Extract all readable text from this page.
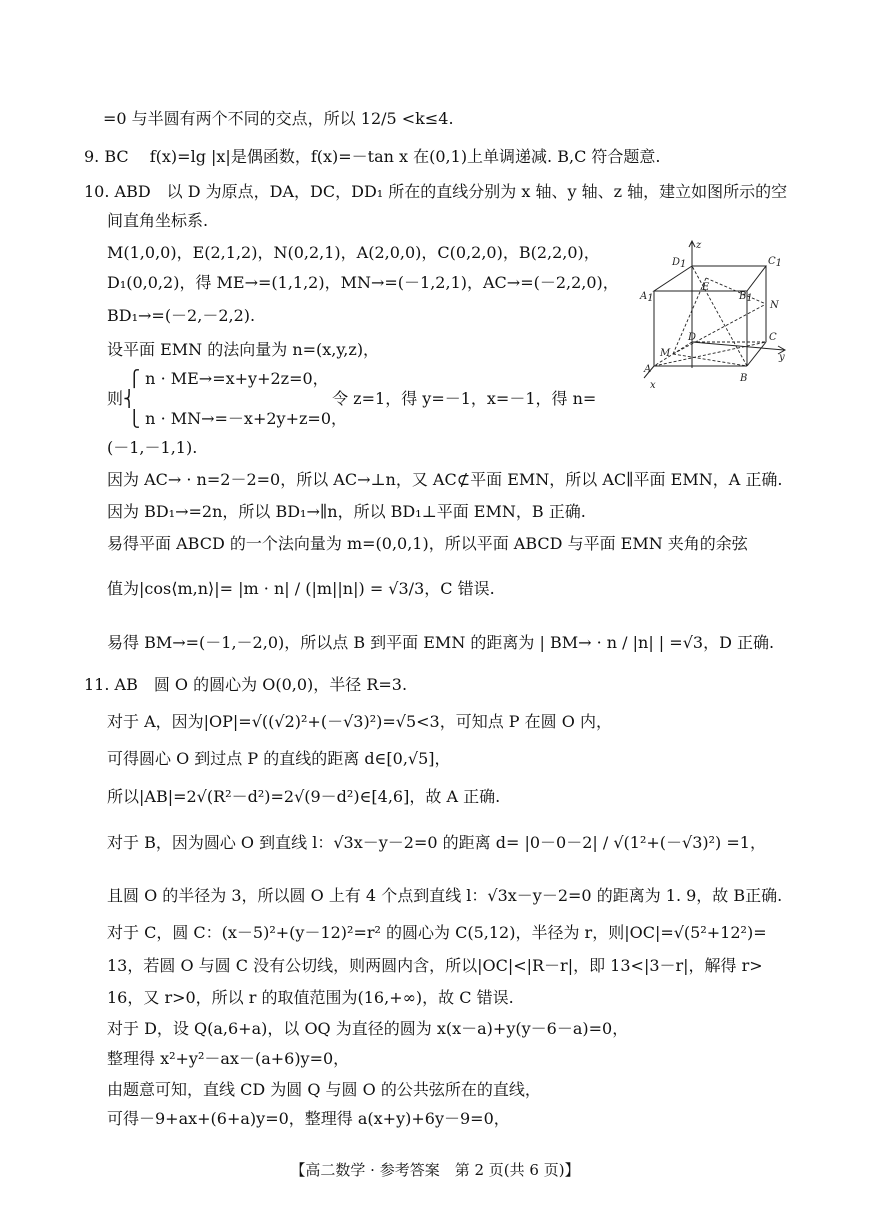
=0 与半圆有两个不同的交点，所以 12/5 <k≤4.
9. BC　 f(x)=lg |x|是偶函数，f(x)=－tan x 在(0,1)上单调递减. B,C 符合题意.
10. ABD　以 D 为原点，DA，DC，DD₁ 所在的直线分别为 x 轴、y 轴、z 轴，建立如图所示的空
间直角坐标系.
M(1,0,0)，E(2,1,2)，N(0,2,1)，A(2,0,0)，C(0,2,0)，B(2,2,0)，
D₁(0,0,2)，得 ME→=(1,1,2)，MN→=(－1,2,1)，AC→=(－2,2,0)，
BD₁→=(－2,－2,2).
设平面 EMN 的法向量为 n=(x,y,z)，
　 ⎧ n · ME→=x+y+2z=0，
则⎨　　　　　　　　　　　　 令 z=1，得 y=－1，x=－1，得 n=
　 ⎩ n · MN→=－x+2y+z=0，
(－1,－1,1).
因为 AC→ · n=2－2=0，所以 AC→⊥n，又 AC⊄平面 EMN，所以 AC∥平面 EMN，A 正确.
因为 BD₁→=2n，所以 BD₁→∥n，所以 BD₁⊥平面 EMN，B 正确.
易得平面 ABCD 的一个法向量为 m=(0,0,1)，所以平面 ABCD 与平面 EMN 夹角的余弦
值为|cos⟨m,n⟩|= |m · n| / (|m||n|) = √3/3，C 错误.
易得 BM→=(－1,－2,0)，所以点 B 到平面 EMN 的距离为 | BM→ · n / |n| | =√3，D 正确.
11. AB　圆 O 的圆心为 O(0,0)，半径 R=3.
对于 A，因为|OP|=√((√2)²+(－√3)²)=√5<3，可知点 P 在圆 O 内，
可得圆心 O 到过点 P 的直线的距离 d∈[0,√5]，
所以|AB|=2√(R²－d²)=2√(9－d²)∈[4,6]，故 A 正确.
对于 B，因为圆心 O 到直线 l：√3x－y－2=0 的距离 d= |0－0－2| / √(1²+(－√3)²) =1，
且圆 O 的半径为 3，所以圆 O 上有 4 个点到直线 l：√3x－y－2=0 的距离为 1. 9，故 B正确.
对于 C，圆 C：(x－5)²+(y－12)²=r² 的圆心为 C(5,12)，半径为 r，则|OC|=√(5²+12²)=
13，若圆 O 与圆 C 没有公切线，则两圆内含，所以|OC|<|R－r|，即 13<|3－r|，解得 r>
16，又 r>0，所以 r 的取值范围为(16,+∞)，故 C 错误.
对于 D，设 Q(a,6+a)，以 OQ 为直径的圆为 x(x－a)+y(y－6－a)=0，
整理得 x²+y²－ax－(a+6)y=0，
由题意可知，直线 CD 为圆 Q 与圆 O 的公共弦所在的直线，
可得－9+ax+(6+a)y=0，整理得 a(x+y)+6y－9=0，
z
D1	C1
A1
E
B1
N
D	C
y
M
A
B
x
【高二数学 · 参考答案　第 2 页(共 6 页)】
